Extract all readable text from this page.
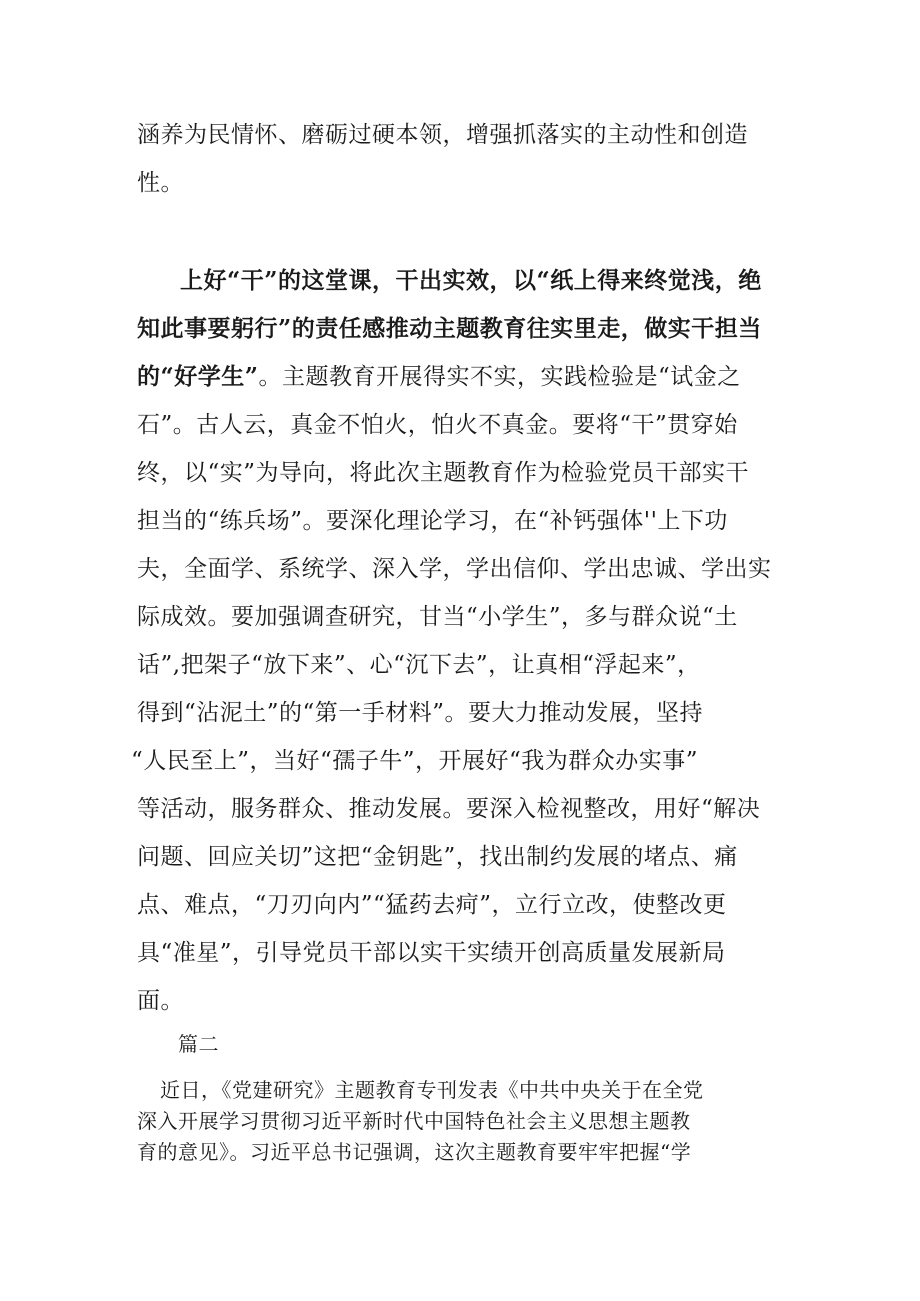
涵养为民情怀、磨砺过硬本领，增强抓落实的主动性和创造

性。

上好“干”的这堂课，干出实效，以“纸上得来终觉浅，绝

知此事要躬行”的责任感推动主题教育往实里走，做实干担当

的“好学生”。主题教育开展得实不实，实践检验是“试金之

石”。古人云，真金不怕火，怕火不真金。要将“干”贯穿始

终，以“实”为导向，将此次主题教育作为检验党员干部实干

担当的“练兵场”。要深化理论学习，在“补钙强体''上下功

夫，全面学、系统学、深入学，学出信仰、学出忠诚、学出实

际成效。要加强调查研究，甘当“小学生”，多与群众说“土

话”,把架子“放下来”、心“沉下去”，让真相“浮起来”，

得到“沾泥土”的“第一手材料”。要大力推动发展，坚持

“人民至上”，当好“孺子牛”，开展好“我为群众办实事”

等活动，服务群众、推动发展。要深入检视整改，用好“解决

问题、回应关切”这把“金钥匙”，找出制约发展的堵点、痛

点、难点，“刀刃向内”“猛药去疴”，立行立改，使整改更

具“准星”，引导党员干部以实干实绩开创高质量发展新局

面。

篇二

近日，《党建研究》主题教育专刊发表《中共中央关于在全党

深入开展学习贯彻习近平新时代中国特色社会主义思想主题教

育的意见》。习近平总书记强调，这次主题教育要牢牢把握“学
